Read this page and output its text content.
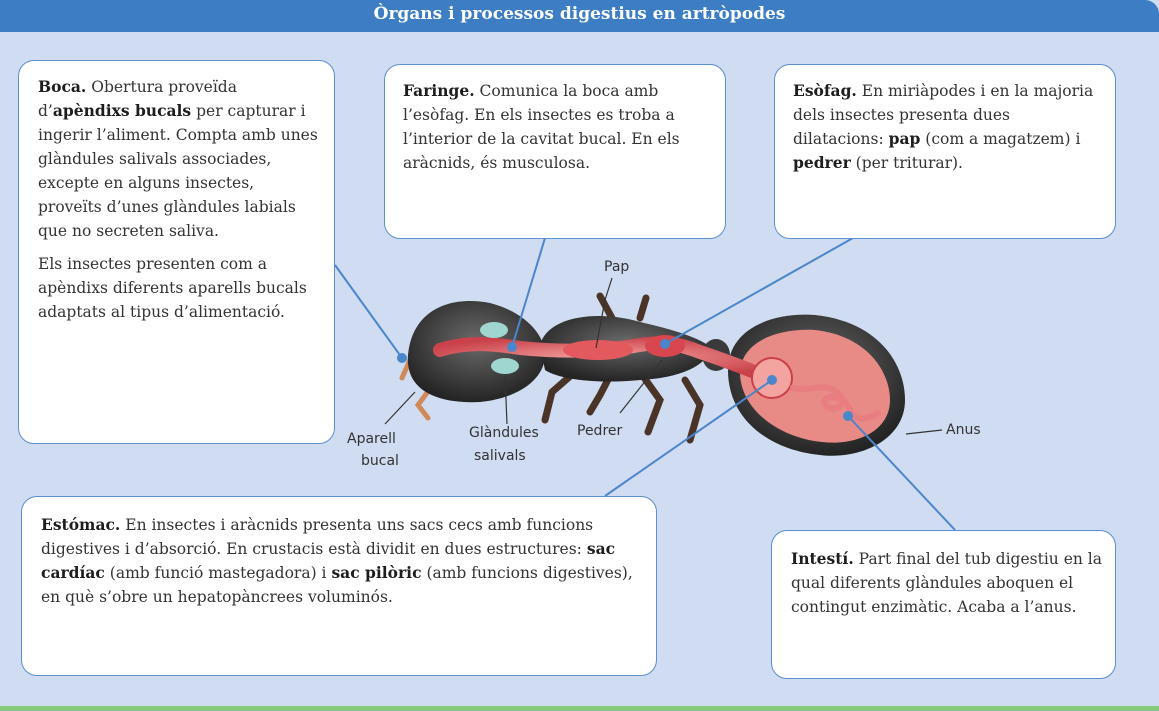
Òrgans i processos digestius en artròpodes
Pap
Aparell
bucal
Glàndules
salivals
Pedrer	Anus

Boca. Obertura proveïda d’apèndixs bucals per capturar i ingerir l’aliment. Compta amb unes glàndules salivals associades, excepte en alguns insectes, proveïts d’unes glàndules labials que no secreten saliva.

Els insectes presenten com a apèndixs diferents aparells bucals adaptats al tipus d’alimentació.

Faringe. Comunica la boca amb l’esòfag. En els insectes es troba a l’interior de la cavitat bucal. En els aràcnids, és musculosa.

Esòfag. En miriàpodes i en la majoria dels insectes presenta dues dilatacions: pap (com a magatzem) i pedrer (per triturar).

Estómac. En insectes i aràcnids presenta uns sacs cecs amb funcions digestives i d’absorció. En crustacis està dividit en dues estructures: sac cardíac (amb funció mastegadora) i sac pilòric (amb funcions digestives), en què s’obre un hepatopàncrees voluminós.

Intestí. Part final del tub digestiu en la qual diferents glàndules aboquen el contingut enzimàtic. Acaba a l’anus.
